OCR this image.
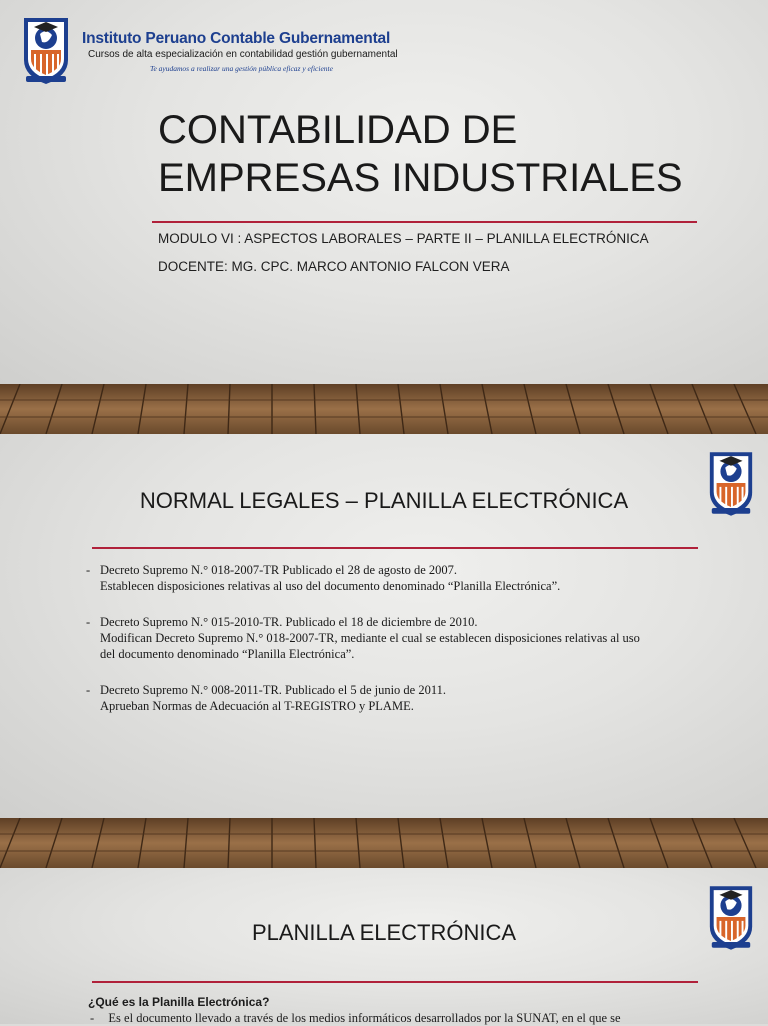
Instituto Peruano Contable Gubernamental
Cursos de alta especialización en contabilidad gestión gubernamental
Te ayudamos a realizar una gestión pública eficaz y eficiente
CONTABILIDAD DE
EMPRESAS INDUSTRIALES
MODULO VI : ASPECTOS LABORALES – PARTE II – PLANILLA ELECTRÓNICA
DOCENTE: MG. CPC. MARCO ANTONIO FALCON VERA
NORMAL LEGALES – PLANILLA ELECTRÓNICA
- Decreto Supremo N.° 018-2007-TR Publicado el 28 de agosto de 2007.
Establecen disposiciones relativas al uso del documento denominado “Planilla Electrónica”.
- Decreto Supremo N.° 015-2010-TR. Publicado el 18 de diciembre de 2010.
Modifican Decreto Supremo N.° 018-2007-TR, mediante el cual se establecen disposiciones relativas al uso
del documento denominado “Planilla Electrónica”.
- Decreto Supremo N.° 008-2011-TR. Publicado el 5 de junio de 2011.
Aprueban Normas de Adecuación al T-REGISTRO y PLAME.
PLANILLA ELECTRÓNICA
¿Qué es la Planilla Electrónica?
- Es el documento llevado a través de los medios informáticos desarrollados por la SUNAT, en el que se
